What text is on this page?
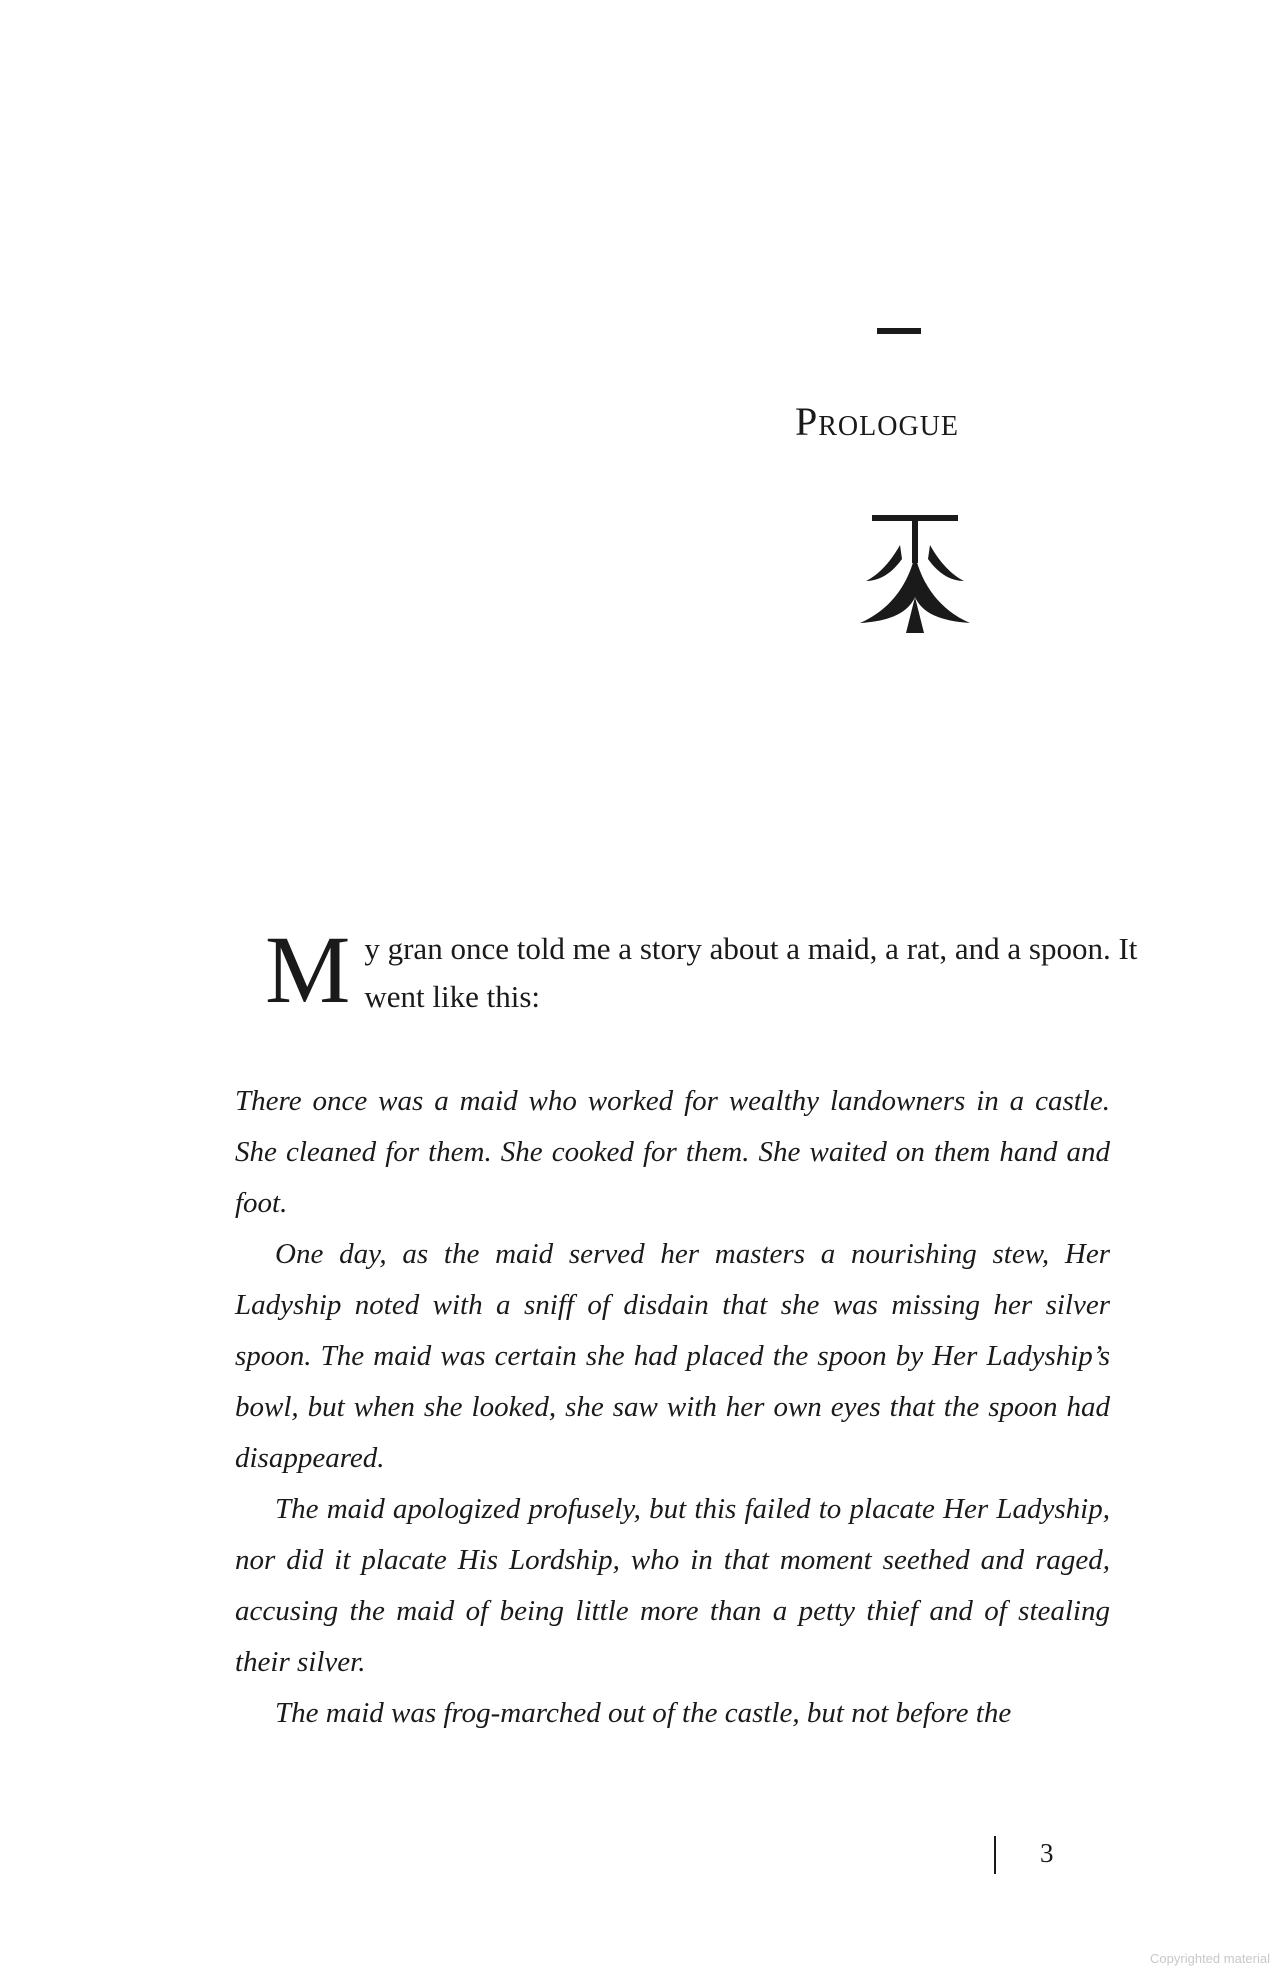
Prologue
M y gran once told me a story about a maid, a rat, and a spoon. It went like this:

There once was a maid who worked for wealthy landowners in a castle. She cleaned for them. She cooked for them. She waited on them hand and foot.

One day, as the maid served her masters a nourishing stew, Her Ladyship noted with a sniff of disdain that she was missing her silver spoon. The maid was certain she had placed the spoon by Her Ladyship’s bowl, but when she looked, she saw with her own eyes that the spoon had disappeared.

The maid apologized profusely, but this failed to placate Her Ladyship, nor did it placate His Lordship, who in that moment seethed and raged, accusing the maid of being little more than a petty thief and of stealing their silver.

The maid was frog-marched out of the castle, but not before the

3
Copyrighted material
